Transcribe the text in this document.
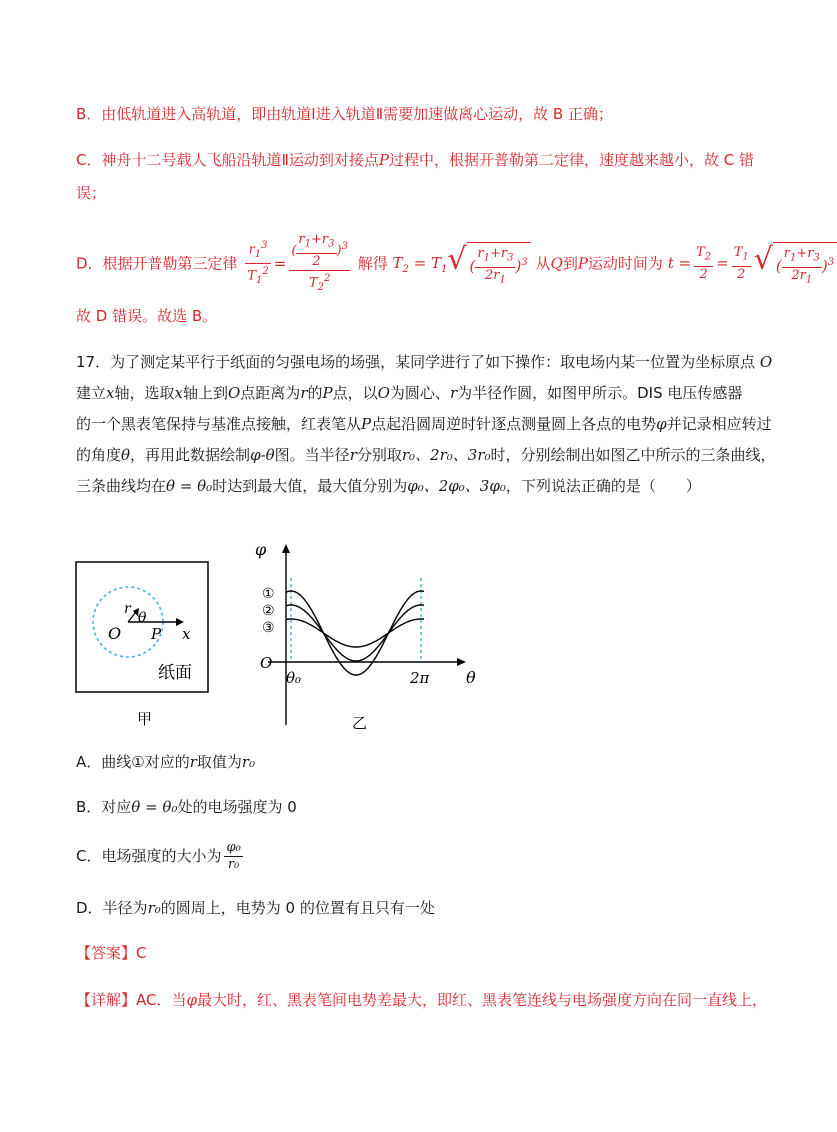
B．由低轨道进入高轨道，即由轨道Ⅰ进入轨道Ⅱ需要加速做离心运动，故 B 正确；
C．神舟十二号载人飞船沿轨道Ⅱ运动到对接点P过程中，根据开普勒第二定律，速度越来越小，故 C 错
误；
D．根据开普勒第三定律 $\frac{r_1^3}{T_1^2} = \frac{( \frac{r_1+r_3}{2} )^3}{T_2^2}$ 解得 $T_2 = T_1√$ ( $\frac{r_1+r_3}{2r_1} )^3$ 从Q到P运动时间为 $t = \frac{T_2}{2} = \frac{T_1}{2}$ √ ( $\frac{r_1+r_3}{2r_1} )^3$
故 D 错误。故选 B。
17．为了测定某平行于纸面的匀强电场的场强，某同学进行了如下操作：取电场内某一位置为坐标原点 O
建立x轴，选取x轴上到O点距离为r的P点，以O为圆心、r为半径作圆，如图甲所示。DIS 电压传感器
的一个黑表笔保持与基准点接触，红表笔从P点起沿圆周逆时针逐点测量圆上各点的电势φ并记录相应转过
的角度θ，再用此数据绘制φ-θ图。当半径r分别取r₀、2r₀、3r₀时，分别绘制出如图乙中所示的三条曲线，
三条曲线均在θ = θ₀时达到最大值，最大值分别为φ₀、2φ₀、3φ₀，下列说法正确的是（　　）
O
r
θ
P x
纸面
甲
φ
θ
O
θ₀	2π
①
②
③
乙
A．曲线①对应的r取值为r₀
B．对应θ = θ₀处的电场强度为 0
C．电场强度的大小为 $\frac{\text{φ₀}}{\text{r₀}}$
D．半径为r₀的圆周上，电势为 0 的位置有且只有一处
【答案】C
【详解】AC．当φ最大时，红、黑表笔间电势差最大，即红、黑表笔连线与电场强度方向在同一直线上，
